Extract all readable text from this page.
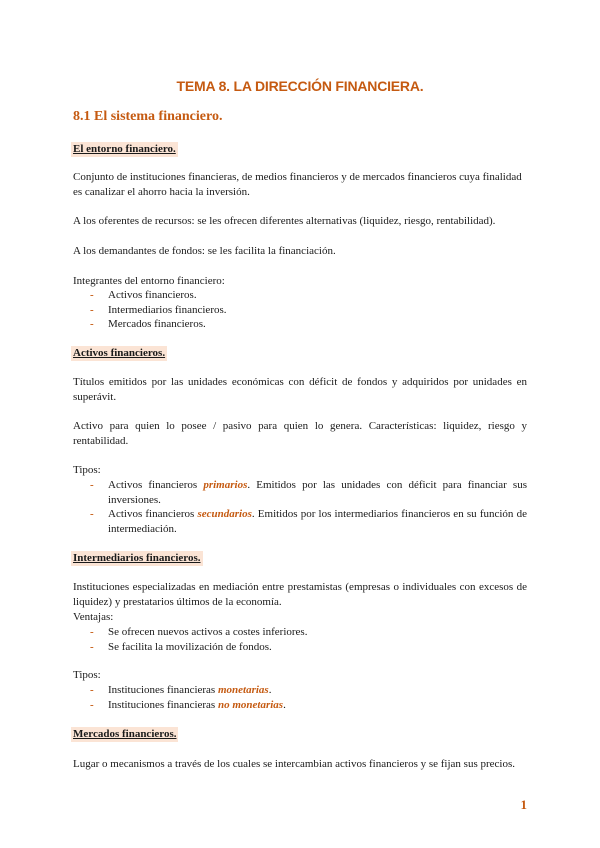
TEMA 8. LA DIRECCIÓN FINANCIERA.
8.1 El sistema financiero.
El entorno financiero.
Conjunto de instituciones financieras, de medios financieros y de mercados financieros cuya finalidad es canalizar el ahorro hacia la inversión.
A los oferentes de recursos: se les ofrecen diferentes alternativas (liquidez, riesgo, rentabilidad).
A los demandantes de fondos: se les facilita la financiación.
Integrantes del entorno financiero:
- Activos financieros.
- Intermediarios financieros.
- Mercados financieros.
Activos financieros.
Títulos emitidos por las unidades económicas con déficit de fondos y adquiridos por unidades en superávit.
Activo para quien lo posee / pasivo para quien lo genera. Características: liquidez, riesgo y rentabilidad.
Tipos:
- Activos financieros primarios. Emitidos por las unidades con déficit para financiar sus inversiones.
- Activos financieros secundarios. Emitidos por los intermediarios financieros en su función de intermediación.
Intermediarios financieros.
Instituciones especializadas en mediación entre prestamistas (empresas o individuales con excesos de liquidez) y prestatarios últimos de la economía.
Ventajas:
- Se ofrecen nuevos activos a costes inferiores.
- Se facilita la movilización de fondos.
Tipos:
- Instituciones financieras monetarias.
- Instituciones financieras no monetarias.
Mercados financieros.
Lugar o mecanismos a través de los cuales se intercambian activos financieros y se fijan sus precios.
1
